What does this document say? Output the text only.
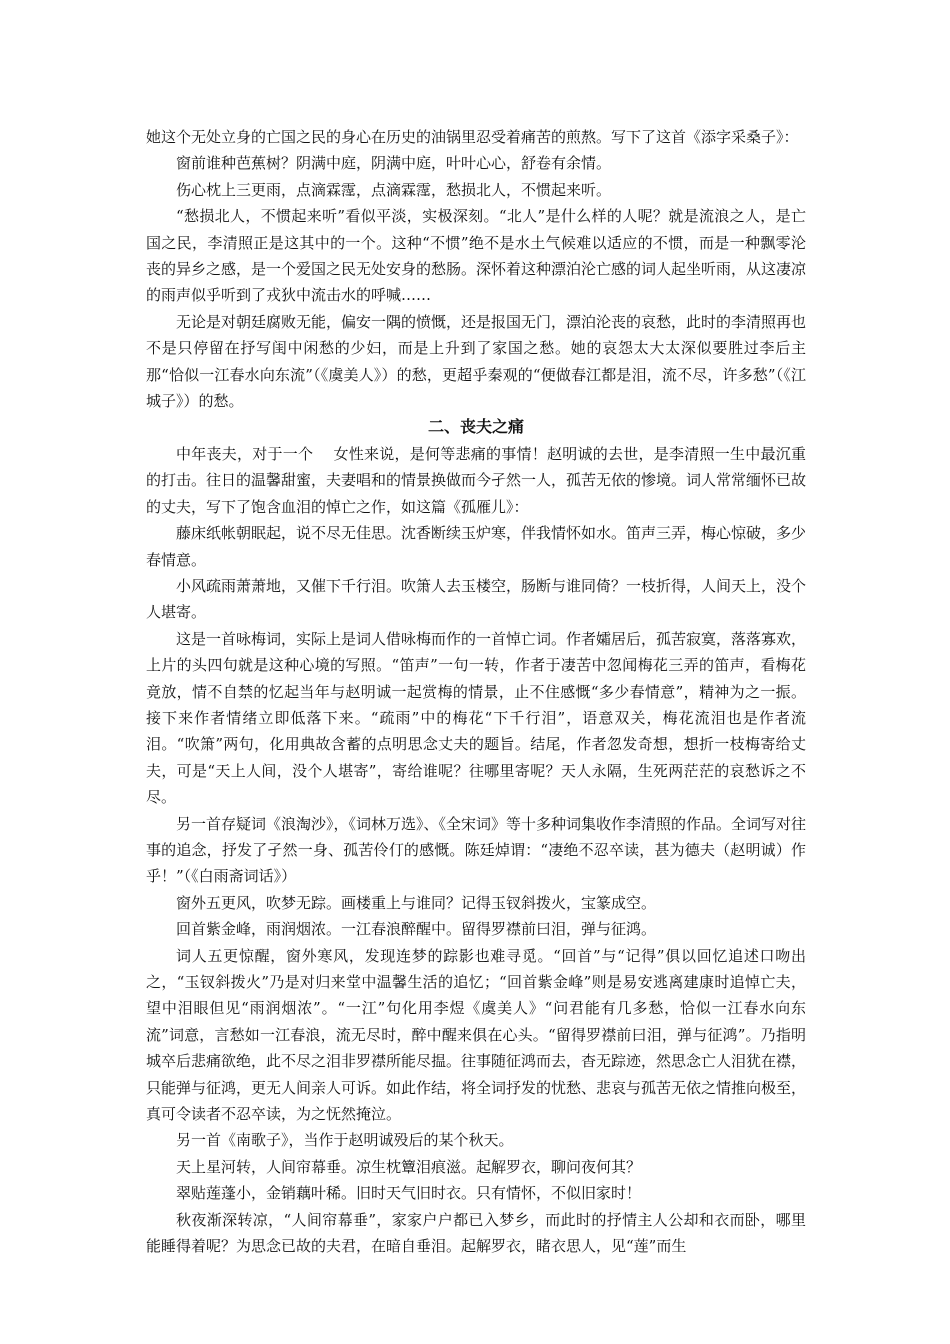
她这个无处立身的亡国之民的身心在历史的油锅里忍受着痛苦的煎熬。写下了这首《添字采桑子》：

窗前谁种芭蕉树？阴满中庭，阴满中庭，叶叶心心，舒卷有余情。

伤心枕上三更雨，点滴霖霪，点滴霖霪，愁损北人，不惯起来听。

“愁损北人，不惯起来听”看似平淡，实极深刻。“北人”是什么样的人呢？就是流浪之人，是亡国之民，李清照正是这其中的一个。这种“不惯”绝不是水土气候难以适应的不惯，而是一种飘零沦丧的异乡之感，是一个爱国之民无处安身的愁肠。深怀着这种漂泊沦亡感的词人起坐听雨，从这凄凉的雨声似乎听到了戎狄中流击水的呼喊……

无论是对朝廷腐败无能，偏安一隅的愤慨，还是报国无门，漂泊沦丧的哀愁，此时的李清照再也不是只停留在抒写闺中闲愁的少妇，而是上升到了家国之愁。她的哀怨太大太深似要胜过李后主那“恰似一江春水向东流”（《虞美人》）的愁，更超乎秦观的“便做春江都是泪，流不尽，许多愁”（《江城子》）的愁。

二、丧夫之痛

中年丧夫，对于一个 　女性来说，是何等悲痛的事情！赵明诚的去世，是李清照一生中最沉重的打击。往日的温馨甜蜜，夫妻唱和的情景换做而今孑然一人，孤苦无依的惨境。词人常常缅怀已故的丈夫，写下了饱含血泪的悼亡之作，如这篇《孤雁儿》：

藤床纸帐朝眠起，说不尽无佳思。沈香断续玉炉寒，伴我情怀如水。笛声三弄，梅心惊破，多少春情意。

小风疏雨萧萧地，又催下千行泪。吹箫人去玉楼空，肠断与谁同倚？一枝折得，人间天上，没个人堪寄。

这是一首咏梅词，实际上是词人借咏梅而作的一首悼亡词。作者孀居后，孤苦寂寞，落落寡欢，上片的头四句就是这种心境的写照。“笛声”一句一转，作者于凄苦中忽闻梅花三弄的笛声，看梅花竟放，情不自禁的忆起当年与赵明诚一起赏梅的情景，止不住感慨“多少春情意”，精神为之一振。接下来作者情绪立即低落下来。“疏雨”中的梅花“下千行泪”，语意双关，梅花流泪也是作者流泪。“吹箫”两句，化用典故含蓄的点明思念丈夫的题旨。结尾，作者忽发奇想，想折一枝梅寄给丈夫，可是“天上人间，没个人堪寄”，寄给谁呢？往哪里寄呢？天人永隔，生死两茫茫的哀愁诉之不尽。

另一首存疑词《浪淘沙》，《词林万选》、《全宋词》等十多种词集收作李清照的作品。全词写对往事的追念，抒发了孑然一身、孤苦伶仃的感慨。陈廷焯谓：“凄绝不忍卒读，甚为德夫（赵明诚）作乎！”（《白雨斋词话》）

窗外五更风，吹梦无踪。画楼重上与谁同？记得玉钗斜拨火，宝篆成空。

回首紫金峰，雨润烟浓。一江春浪醉醒中。留得罗襟前曰泪，弹与征鸿。

词人五更惊醒，窗外寒风，发现连梦的踪影也难寻觅。“回首”与“记得”俱以回忆追述口吻出之，“玉钗斜拨火”乃是对归来堂中温馨生活的追忆；“回首紫金峰”则是易安逃离建康时追悼亡夫，望中泪眼但见“雨润烟浓”。“一江”句化用李煜《虞美人》“问君能有几多愁，恰似一江春水向东流”词意，言愁如一江春浪，流无尽时，醉中醒来俱在心头。“留得罗襟前曰泪，弹与征鸿”。乃指明城卒后悲痛欲绝，此不尽之泪非罗襟所能尽揾。往事随征鸿而去，杳无踪迹，然思念亡人泪犹在襟，只能弹与征鸿，更无人间亲人可诉。如此作结，将全词抒发的忧愁、悲哀与孤苦无依之情推向极至，真可令读者不忍卒读，为之怃然掩泣。

另一首《南歌子》，当作于赵明诚殁后的某个秋天。

天上星河转，人间帘幕垂。凉生枕簟泪痕滋。起解罗衣，聊问夜何其？

翠贴莲蓬小，金销藕叶稀。旧时天气旧时衣。只有情怀，不似旧家时！

秋夜渐深转凉，“人间帘幕垂”，家家户户都已入梦乡，而此时的抒情主人公却和衣而卧，哪里能睡得着呢？为思念已故的夫君，在暗自垂泪。起解罗衣，睹衣思人，见“莲”而生
